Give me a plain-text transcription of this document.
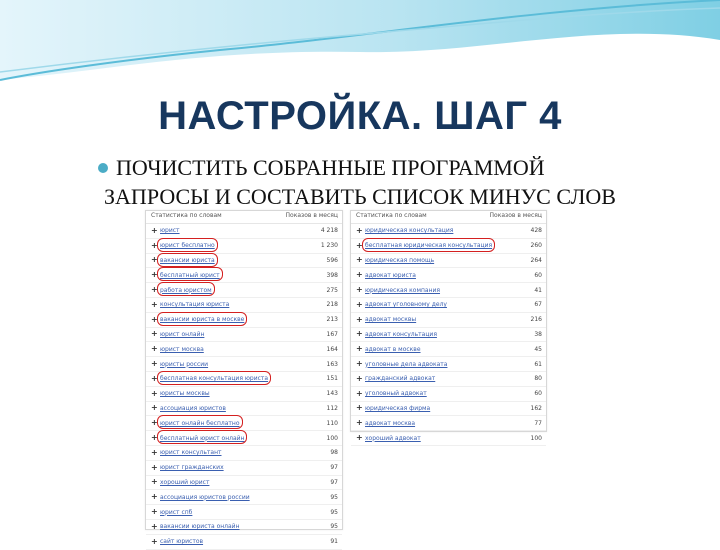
НАСТРОЙКА. ШАГ 4
ПОЧИСТИТЬ СОБРАННЫЕ ПРОГРАММОЙ
ЗАПРОСЫ И СОСТАВИТЬ СПИСОК МИНУС СЛОВ
Статистика по словам	Показов в месяц
+ юрист	4 218
+ юрист бесплатно	1 230
+ вакансии юриста	596
+ бесплатный юрист	398
+ работа юристом	275
+ консультация юриста	218
+ вакансии юриста в москве	213
+ юрист онлайн	167
+ юрист москва	164
+ юристы россии	163
+ бесплатная консультация юриста	151
+ юристы москвы	143
+ ассоциация юристов	112
+ юрист онлайн бесплатно	110
+ бесплатный юрист онлайн	100
+ юрист консультант	98
+ юрист гражданских	97
+ хороший юрист	97
+ ассоциация юристов россии	95
+ юрист спб	95
+ вакансии юриста онлайн	95
+ сайт юристов	91
Статистика по словам	Показов в месяц
+ юридическая консультация	428
+ бесплатная юридическая консультация	260
+ юридическая помощь	264
+ адвокат юриста	60
+ юридическая компания	41
+ адвокат уголовному делу	67
+ адвокат москвы	216
+ адвокат консультация	38
+ адвокат в москве	45
+ уголовные дела адвоката	61
+ гражданский адвокат	80
+ уголовный адвокат	60
+ юридическая фирма	162
+ адвокат москва	77
+ хороший адвокат	100
